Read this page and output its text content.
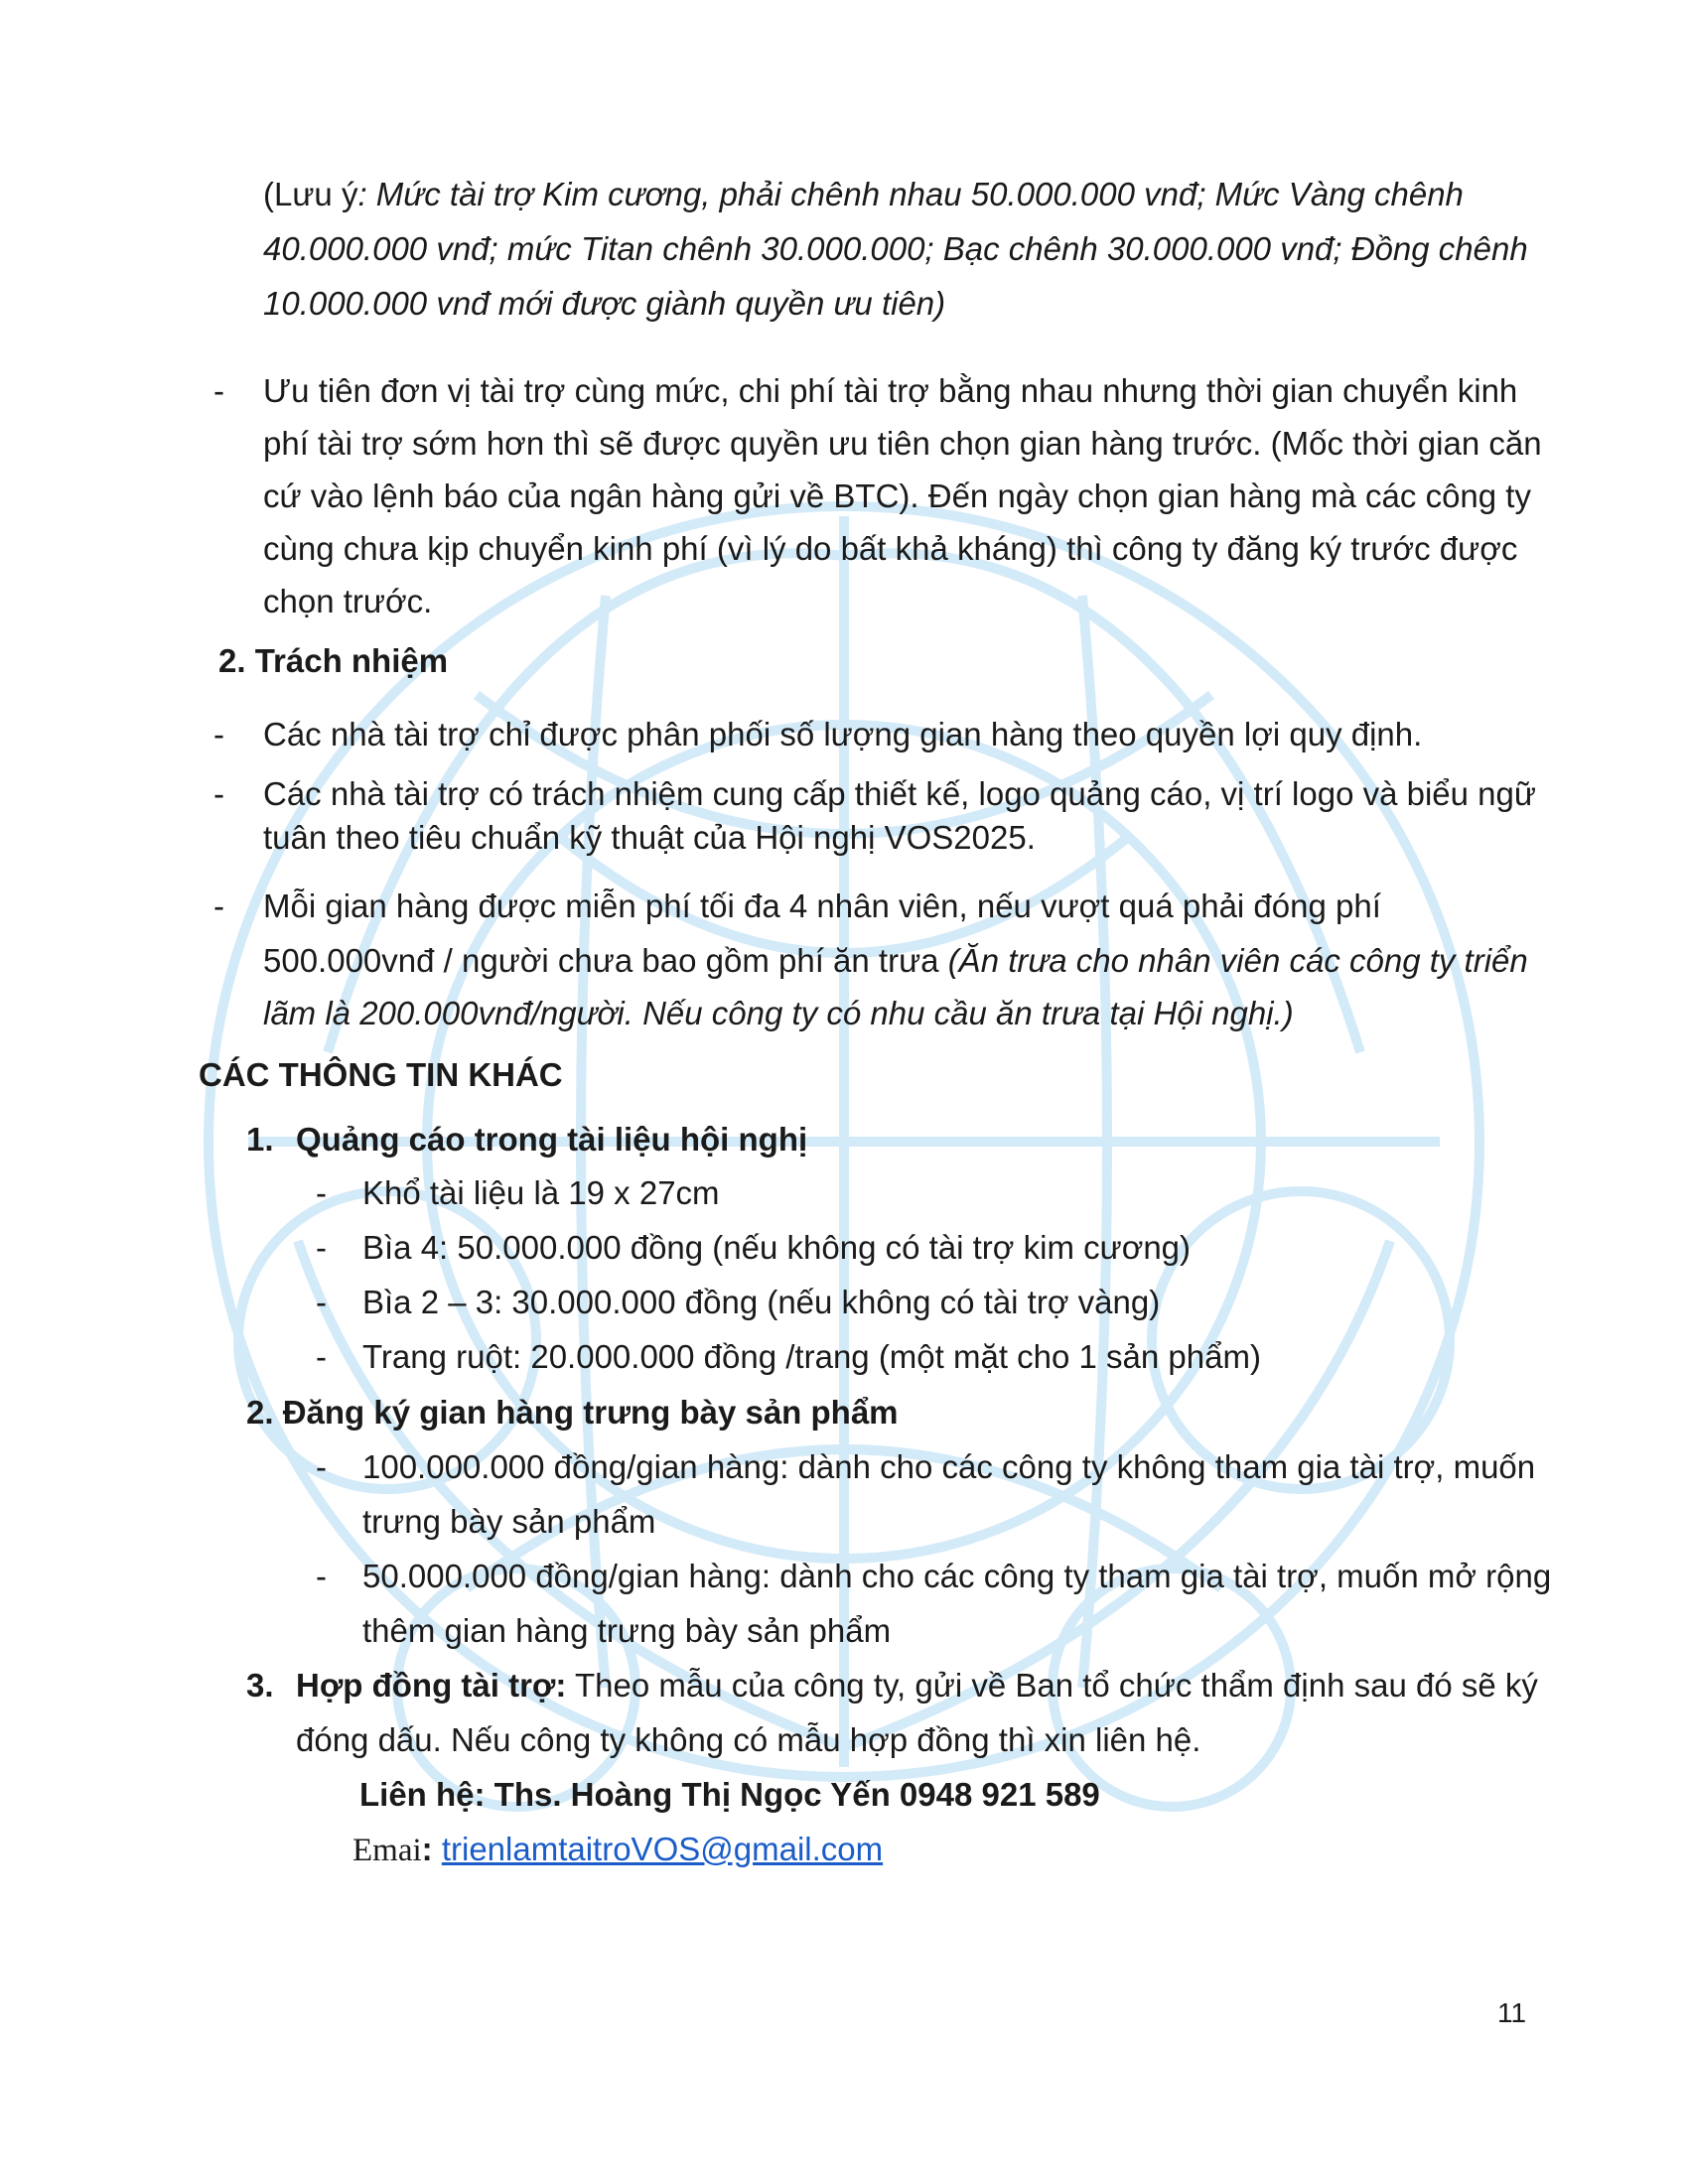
(Lưu ý: Mức tài trợ Kim cương, phải chênh nhau 50.000.000 vnđ; Mức Vàng chênh
40.000.000 vnđ; mức Titan chênh 30.000.000; Bạc chênh 30.000.000 vnđ; Đồng chênh
10.000.000 vnđ mới được giành quyền ưu tiên)
- Ưu tiên đơn vị tài trợ cùng mức, chi phí tài trợ bằng nhau nhưng thời gian chuyển kinh
phí tài trợ sớm hơn thì sẽ được quyền ưu tiên chọn gian hàng trước. (Mốc thời gian căn
cứ vào lệnh báo của ngân hàng gửi về BTC). Đến ngày chọn gian hàng mà các công ty
cùng chưa kịp chuyển kinh phí (vì lý do bất khả kháng) thì công ty đăng ký trước được
chọn trước.
2. Trách nhiệm
- Các nhà tài trợ chỉ được phân phối số lượng gian hàng theo quyền lợi quy định.
- Các nhà tài trợ có trách nhiệm cung cấp thiết kế, logo quảng cáo, vị trí logo và biểu ngữ
tuân theo tiêu chuẩn kỹ thuật của Hội nghị VOS2025.
- Mỗi gian hàng được miễn phí tối đa 4 nhân viên, nếu vượt quá phải đóng phí
500.000vnđ / người chưa bao gồm phí ăn trưa (Ăn trưa cho nhân viên các công ty triển
lãm là 200.000vnđ/người. Nếu công ty có nhu cầu ăn trưa tại Hội nghị.)
CÁC THÔNG TIN KHÁC
1. Quảng cáo trong tài liệu hội nghị
- Khổ tài liệu là 19 x 27cm
- Bìa 4: 50.000.000 đồng (nếu không có tài trợ kim cương)
- Bìa 2 – 3: 30.000.000 đồng (nếu không có tài trợ vàng)
- Trang ruột: 20.000.000 đồng /trang (một mặt cho 1 sản phẩm)
2. Đăng ký gian hàng trưng bày sản phẩm
- 100.000.000 đồng/gian hàng: dành cho các công ty không tham gia tài trợ, muốn
trưng bày sản phẩm
- 50.000.000 đồng/gian hàng: dành cho các công ty tham gia tài trợ, muốn mở rộng
thêm gian hàng trưng bày sản phẩm
3. Hợp đồng tài trợ: Theo mẫu của công ty, gửi về Ban tổ chức thẩm định sau đó sẽ ký
đóng dấu. Nếu công ty không có mẫu hợp đồng thì xin liên hệ.
Liên hệ: Ths. Hoàng Thị Ngọc Yến 0948 921 589
Emai: trienlamtaitroVOS@gmail.com
11
